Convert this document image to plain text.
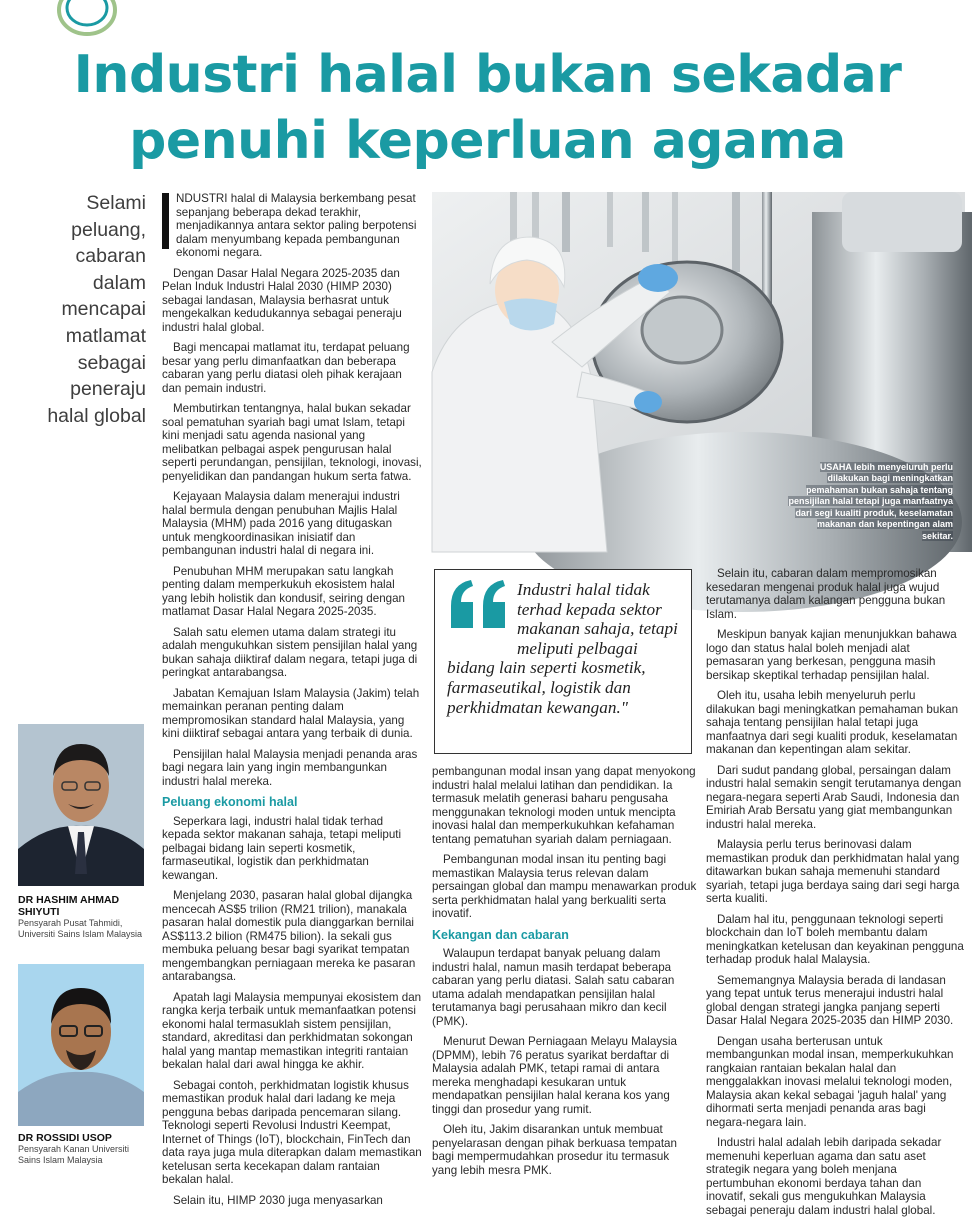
Industri halal bukan sekadar
penuhi keperluan agama
Selami
peluang,
cabaran
dalam
mencapai
matlamat
sebagai
peneraju
halal global

NDUSTRI halal di Malaysia berkembang pesat sepanjang beberapa dekad terakhir, menjadikannya antara sektor paling berpotensi dalam menyumbang kepada pembangunan ekonomi negara.

Dengan Dasar Halal Negara 2025-2035 dan Pelan Induk Industri Halal 2030 (HIMP 2030) sebagai landasan, Malaysia berhasrat untuk mengekalkan kedudukannya sebagai peneraju industri halal global.

Bagi mencapai matlamat itu, terdapat peluang besar yang perlu dimanfaatkan dan beberapa cabaran yang perlu diatasi oleh pihak kerajaan dan pemain industri.

Membutirkan tentangnya, halal bukan sekadar soal pematuhan syariah bagi umat Islam, tetapi kini menjadi satu agenda nasional yang melibatkan pelbagai aspek pengurusan halal seperti perundangan, pensijilan, teknologi, inovasi, penyelidikan dan pandangan hukum serta fatwa.

Kejayaan Malaysia dalam menerajui industri halal bermula dengan penubuhan Majlis Halal Malaysia (MHM) pada 2016 yang ditugaskan untuk mengkoordinasikan inisiatif dan pembangunan industri halal di negara ini.

Penubuhan MHM merupakan satu langkah penting dalam memperkukuh ekosistem halal yang lebih holistik dan kondusif, seiring dengan matlamat Dasar Halal Negara 2025-2035.

Salah satu elemen utama dalam strategi itu adalah mengukuhkan sistem pensijilan halal yang bukan sahaja diiktiraf dalam negara, tetapi juga di peringkat antarabangsa.

Jabatan Kemajuan Islam Malaysia (Jakim) telah memainkan peranan penting dalam mempromosikan standard halal Malaysia, yang kini diiktiraf sebagai antara yang terbaik di dunia.

Pensijilan halal Malaysia menjadi penanda aras bagi negara lain yang ingin membangunkan industri halal mereka.

Peluang ekonomi halal

Seperkara lagi, industri halal tidak terhad kepada sektor makanan sahaja, tetapi meliputi pelbagai bidang lain seperti kosmetik, farmaseutikal, logistik dan perkhidmatan kewangan.

Menjelang 2030, pasaran halal global dijangka mencecah AS$5 trilion (RM21 trilion), manakala pasaran halal domestik pula dianggarkan bernilai AS$113.2 bilion (RM475 bilion). Ia sekali gus membuka peluang besar bagi syarikat tempatan mengembangkan perniagaan mereka ke pasaran antarabangsa.

Apatah lagi Malaysia mempunyai ekosistem dan rangka kerja terbaik untuk memanfaatkan potensi ekonomi halal termasuklah sistem pensijilan, standard, akreditasi dan perkhidmatan sokongan halal yang mantap memastikan integriti rantaian bekalan halal dari awal hingga ke akhir.

Sebagai contoh, perkhidmatan logistik khusus memastikan produk halal dari ladang ke meja pengguna bebas daripada pencemaran silang. Teknologi seperti Revolusi Industri Keempat, Internet of Things (IoT), blockchain, FinTech dan data raya juga mula diterapkan dalam memastikan ketelusan serta kecekapan dalam rantaian bekalan halal.

Selain itu, HIMP 2030 juga menyasarkan

USAHA lebih menyeluruh perlu dilakukan bagi meningkatkan pemahaman bukan sahaja tentang pensijilan halal tetapi juga manfaatnya dari segi kualiti produk, keselamatan makanan dan kepentingan alam sekitar.
Industri halal tidak terhad kepada sektor makanan sahaja, tetapi meliputi pelbagai bidang lain seperti kosmetik, farmaseutikal, logistik dan perkhidmatan kewangan."

pembangunan modal insan yang dapat menyokong industri halal melalui latihan dan pendidikan. Ia termasuk melatih generasi baharu pengusaha menggunakan teknologi moden untuk mencipta inovasi halal dan memperkukuhkan kefahaman tentang pematuhan syariah dalam perniagaan.

Pembangunan modal insan itu penting bagi memastikan Malaysia terus relevan dalam persaingan global dan mampu menawarkan produk serta perkhidmatan halal yang berkualiti serta inovatif.

Kekangan dan cabaran

Walaupun terdapat banyak peluang dalam industri halal, namun masih terdapat beberapa cabaran yang perlu diatasi. Salah satu cabaran utama adalah mendapatkan pensijilan halal terutamanya bagi perusahaan mikro dan kecil (PMK).

Menurut Dewan Perniagaan Melayu Malaysia (DPMM), lebih 76 peratus syarikat berdaftar di Malaysia adalah PMK, tetapi ramai di antara mereka menghadapi kesukaran untuk mendapatkan pensijilan halal kerana kos yang tinggi dan prosedur yang rumit.

Oleh itu, Jakim disarankan untuk membuat penyelarasan dengan pihak berkuasa tempatan bagi mempermudahkan prosedur itu termasuk yang lebih mesra PMK.

Selain itu, cabaran dalam mempromosikan kesedaran mengenai produk halal juga wujud terutamanya dalam kalangan pengguna bukan Islam.

Meskipun banyak kajian menunjukkan bahawa logo dan status halal boleh menjadi alat pemasaran yang berkesan, pengguna masih bersikap skeptikal terhadap pensijilan halal.

Oleh itu, usaha lebih menyeluruh perlu dilakukan bagi meningkatkan pemahaman bukan sahaja tentang pensijilan halal tetapi juga manfaatnya dari segi kualiti produk, keselamatan makanan dan kepentingan alam sekitar.

Dari sudut pandang global, persaingan dalam industri halal semakin sengit terutamanya dengan negara-negara seperti Arab Saudi, Indonesia dan Emiriah Arab Bersatu yang giat membangunkan industri halal mereka.

Malaysia perlu terus berinovasi dalam memastikan produk dan perkhidmatan halal yang ditawarkan bukan sahaja memenuhi standard syariah, tetapi juga berdaya saing dari segi harga serta kualiti.

Dalam hal itu, penggunaan teknologi seperti blockchain dan IoT boleh membantu dalam meningkatkan ketelusan dan keyakinan pengguna terhadap produk halal Malaysia.

Sememangnya Malaysia berada di landasan yang tepat untuk terus menerajui industri halal global dengan strategi jangka panjang seperti Dasar Halal Negara 2025-2035 dan HIMP 2030.

Dengan usaha berterusan untuk membangunkan modal insan, memperkukuhkan rangkaian rantaian bekalan halal dan menggalakkan inovasi melalui teknologi moden, Malaysia akan kekal sebagai 'jaguh halal' yang dihormati serta menjadi penanda aras bagi negara-negara lain.

Industri halal adalah lebih daripada sekadar memenuhi keperluan agama dan satu aset strategik negara yang boleh menjana pertumbuhan ekonomi berdaya tahan dan inovatif, sekali gus mengukuhkan Malaysia sebagai peneraju dalam industri halal global.

DR HASHIM AHMAD SHIYUTI
Pensyarah Pusat Tahmidi, Universiti Sains Islam Malaysia
DR ROSSIDI USOP
Pensyarah Kanan Universiti Sains Islam Malaysia
